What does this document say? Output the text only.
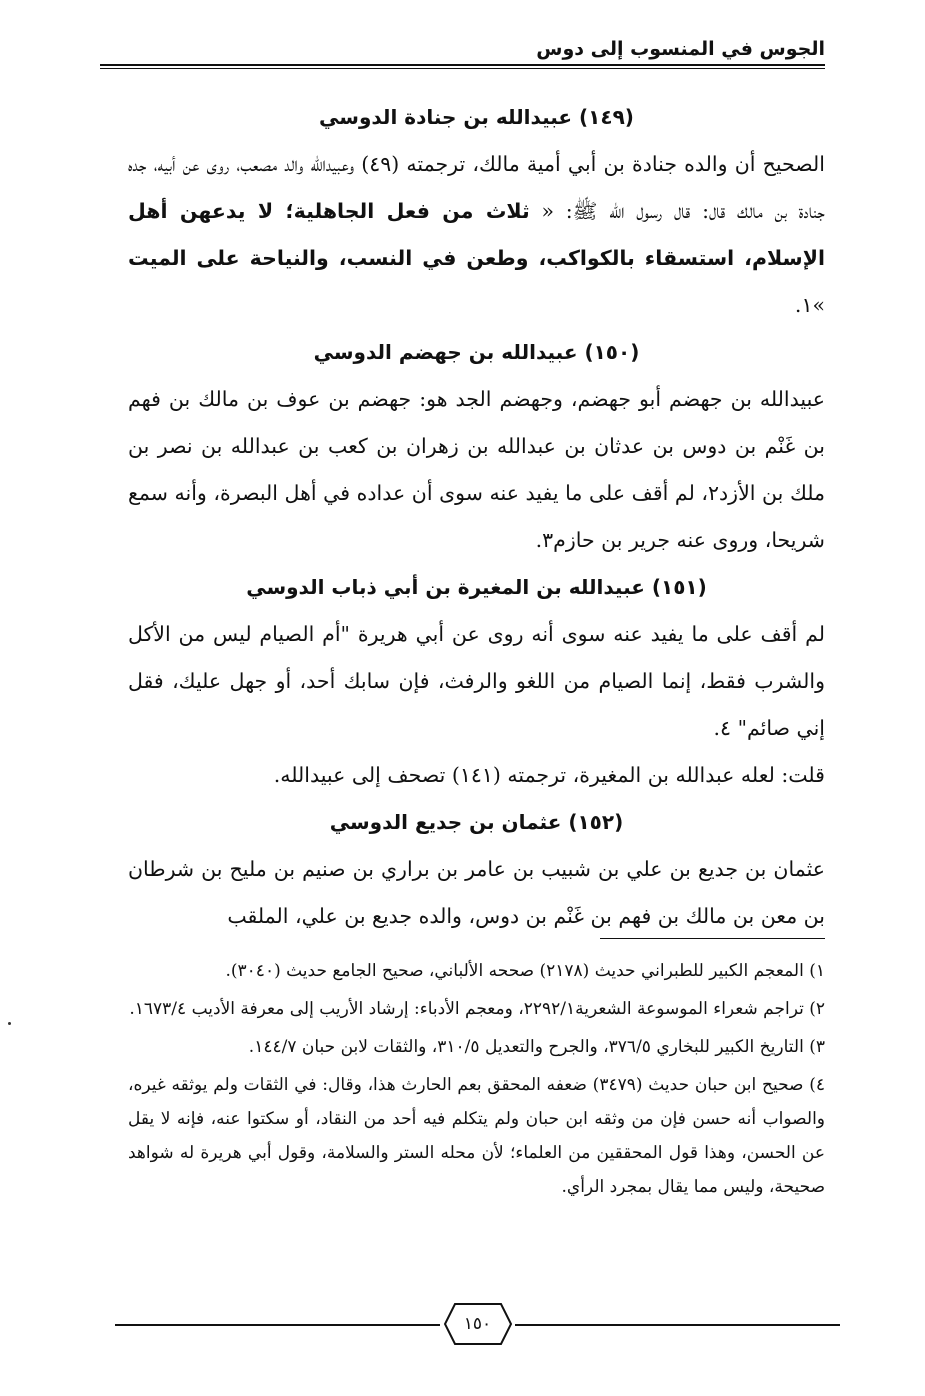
الجوس في المنسوب إلى دوس
(١٤٩) عبيدالله بن جنادة الدوسي

الصحيح أن والده جنادة بن أبي أمية مالك، ترجمته (٤٩) وعبيدالله والد مصعب، روى عن أبيه، جده جنادة بن مالك قال: قال رسول الله ﷺ: « ثلاث من فعل الجاهلية؛ لا يدعهن أهل الإسلام، استسقاء بالكواكب، وطعن في النسب، والنياحة على الميت »١.

(١٥٠) عبيدالله بن جهضم الدوسي

عبيدالله بن جهضم أبو جهضم، وجهضم الجد هو: جهضم بن عوف بن مالك بن فهم بن غَنْم بن دوس بن عدثان بن عبدالله بن زهران بن كعب بن عبدالله بن نصر بن ملك بن الأزد٢، لم أقف على ما يفيد عنه سوى أن عداده في أهل البصرة، وأنه سمع شريحا، وروى عنه جرير بن حازم٣.

(١٥١) عبيدالله بن المغيرة بن أبي ذباب الدوسي

لم أقف على ما يفيد عنه سوى أنه روى عن أبي هريرة "أم الصيام ليس من الأكل والشرب فقط، إنما الصيام من اللغو والرفث، فإن سابك أحد، أو جهل عليك، فقل إني صائم" ٤.

قلت: لعله عبدالله بن المغيرة، ترجمته (١٤١) تصحف إلى عبيدالله.

(١٥٢) عثمان بن جديع الدوسي

عثمان بن جديع بن علي بن شبيب بن عامر بن براري بن صنيم بن مليح بن شرطان بن معن بن مالك بن فهم بن غَنْم بن دوس، والده جديع بن علي، الملقب

١) المعجم الكبير للطبراني حديث (٢١٧٨) صححه الألباني، صحيح الجامع حديث (٣٠٤٠).

٢) تراجم شعراء الموسوعة الشعرية٢٢٩٢/١، ومعجم الأدباء: إرشاد الأريب إلى معرفة الأديب ١٦٧٣/٤.

٣) التاريخ الكبير للبخاري ٣٧٦/٥، والجرح والتعديل ٣١٠/٥، والثقات لابن حبان ١٤٤/٧.

٤) صحيح ابن حبان حديث (٣٤٧٩) ضعفه المحقق بعم الحارث هذا، وقال: في الثقات ولم يوثقه غيره، والصواب أنه حسن فإن من وثقه ابن حبان ولم يتكلم فيه أحد من النقاد، أو سكتوا عنه، فإنه لا يقل عن الحسن، وهذا قول المحققين من العلماء؛ لأن محله الستر والسلامة، وقول أبي هريرة له شواهد صحيحة، وليس مما يقال بمجرد الرأي.

١٥٠
